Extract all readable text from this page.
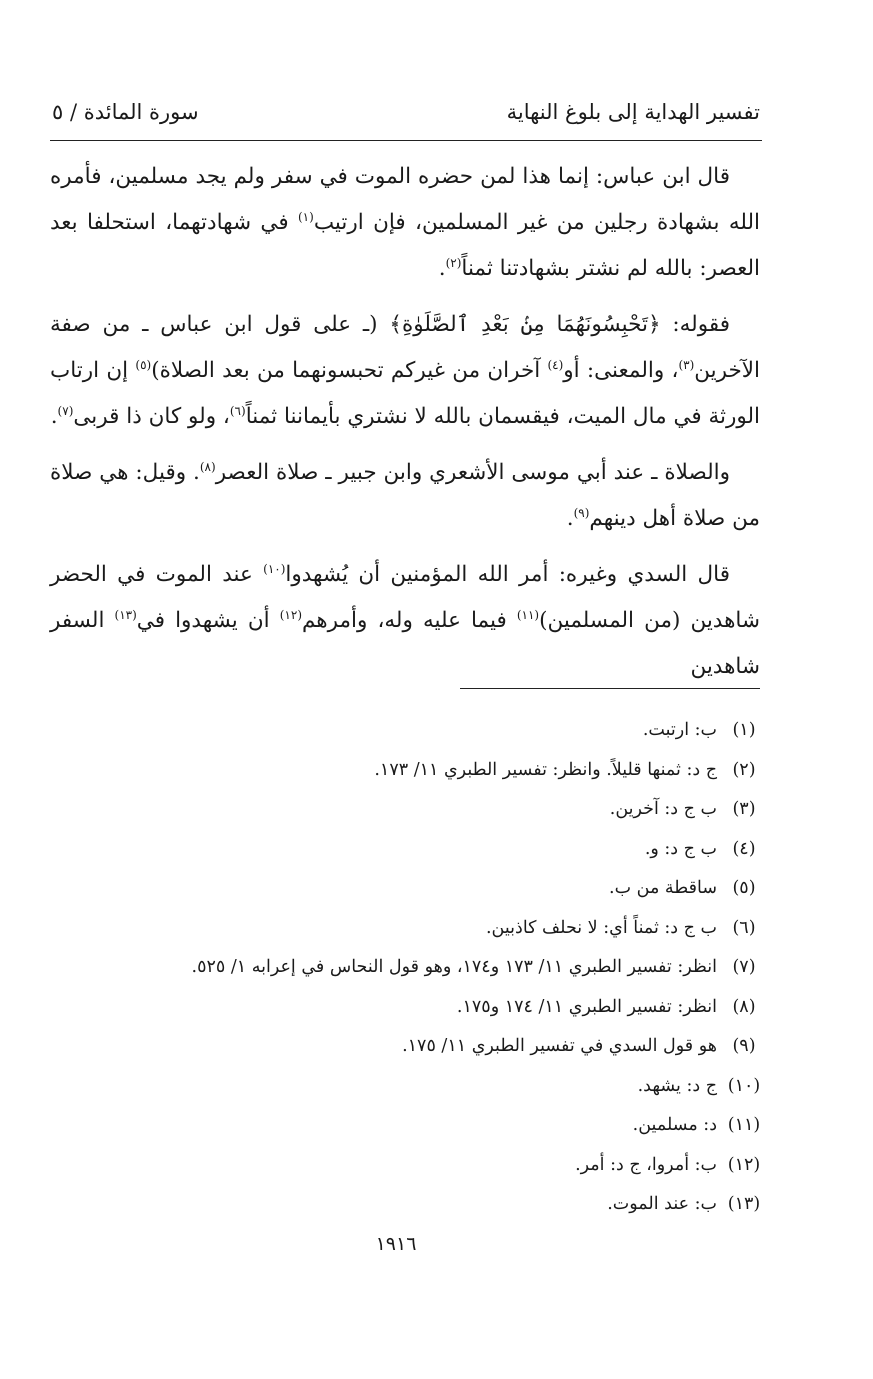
تفسير الهداية إلى بلوغ النهاية
سورة المائدة / ٥

قال ابن عباس: إنما هذا لمن حضره الموت في سفر ولم يجد مسلمين، فأمره الله بشهادة رجلين من غير المسلمين، فإن ارتيب$^{(١)}$ في شهادتهما، استحلفا بعد العصر: بالله لم نشتر بشهادتنا ثمناً$^{(٢)}$.

فقوله: ﴿تَحْبِسُونَهُمَا مِنۢ بَعْدِ ٱلصَّلَوٰةِ﴾ (ـ على قول ابن عباس ـ من صفة الآخرين$^{(٣)}$، والمعنى: أو$^{(٤)}$ آخران من غيركم تحبسونهما من بعد الصلاة)$^{(٥)}$ إن ارتاب الورثة في مال الميت، فيقسمان بالله لا نشتري بأيماننا ثمناً$^{(٦)}$، ولو كان ذا قربى$^{(٧)}$.

والصلاة ـ عند أبي موسى الأشعري وابن جبير ـ صلاة العصر$^{(٨)}$. وقيل: هي صلاة من صلاة أهل دينهم$^{(٩)}$.

قال السدي وغيره: أمر الله المؤمنين أن يُشهدوا$^{(١٠)}$ عند الموت في الحضر شاهدين (من المسلمين)$^{(١١)}$ فيما عليه وله، وأمرهم$^{(١٢)}$ أن يشهدوا في$^{(١٣)}$ السفر شاهدين

(١)ب: ارتبت.
(٢)ج د: ثمنها قليلاً. وانظر: تفسير الطبري ١١/ ١٧٣.
(٣)ب ج د: آخرين.
(٤)ب ج د: و.
(٥)ساقطة من ب.
(٦)ب ج د: ثمناً أي: لا نحلف كاذبين.
(٧)انظر: تفسير الطبري ١١/ ١٧٣ و١٧٤، وهو قول النحاس في إعرابه ١/ ٥٢٥.
(٨)انظر: تفسير الطبري ١١/ ١٧٤ و١٧٥.
(٩)هو قول السدي في تفسير الطبري ١١/ ١٧٥.
(١٠)ج د: يشهد.
(١١)د: مسلمين.
(١٢)ب: أمروا، ج د: أمر.
(١٣)ب: عند الموت.
١٩١٦
